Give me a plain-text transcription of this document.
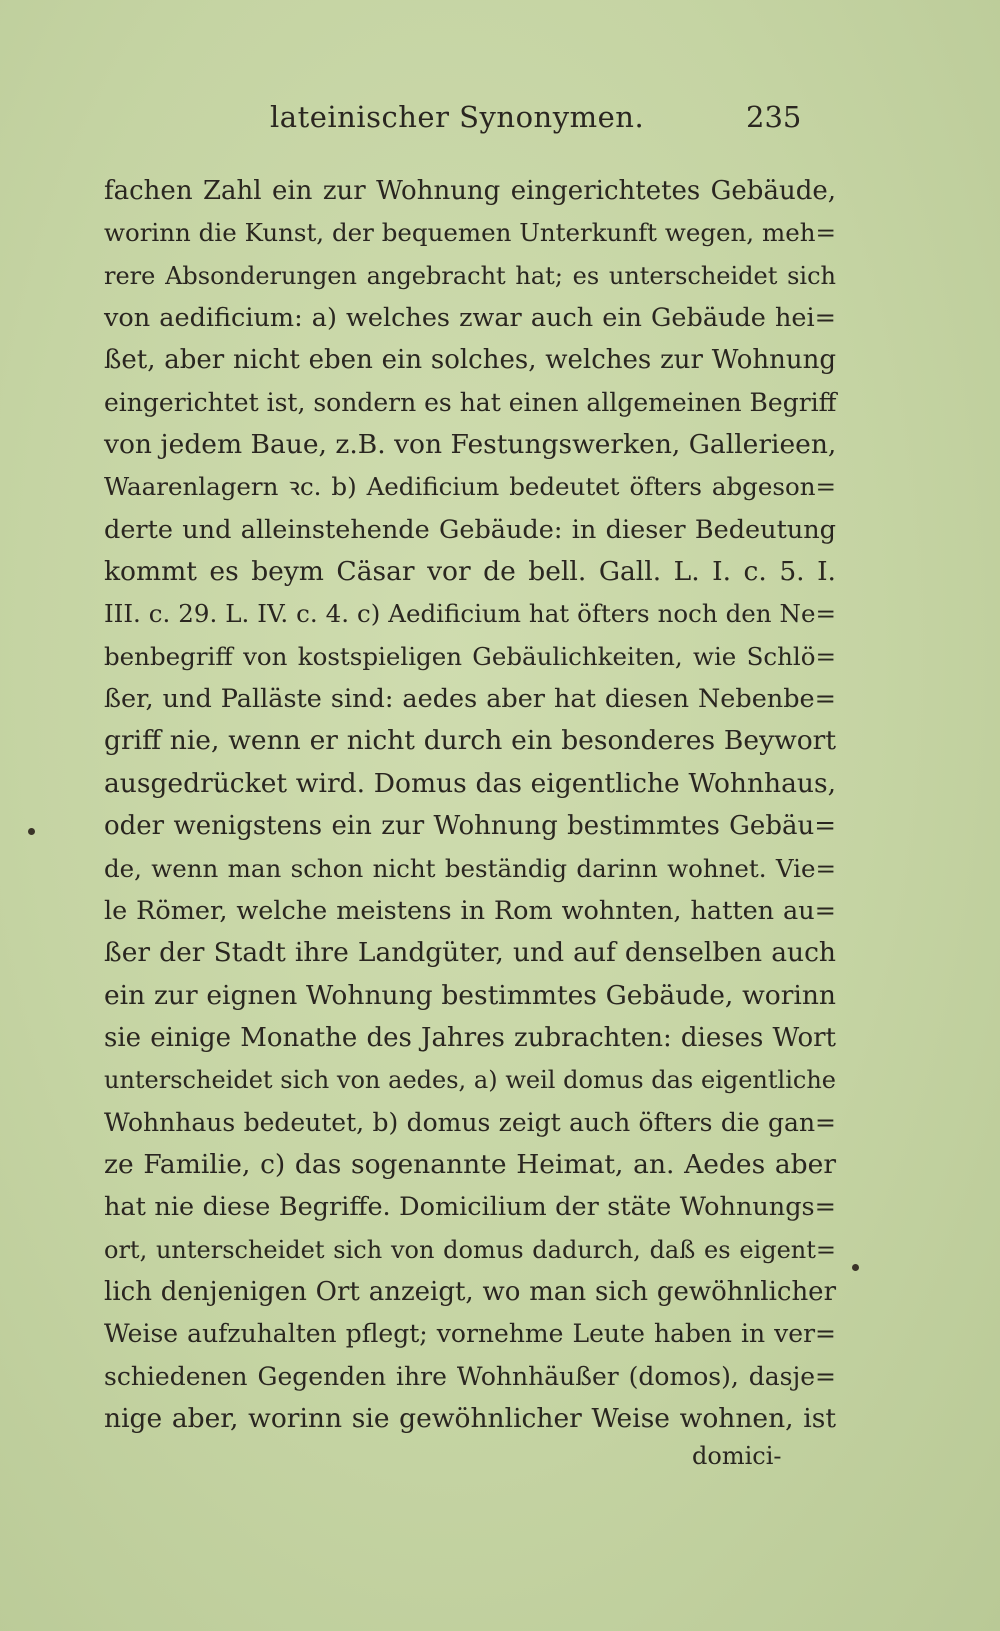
lateinischer Synonymen.	235
fachen Zahl ein zur Wohnung eingerichtetes Gebäude,
worinn die Kunst, der bequemen Unterkunft wegen, meh=
rere Absonderungen angebracht hat; es unterscheidet sich
von aedificium: a) welches zwar auch ein Gebäude hei=
ßet, aber nicht eben ein solches, welches zur Wohnung
eingerichtet ist, sondern es hat einen allgemeinen Begriff
von jedem Baue, z.B. von Festungswerken, Gallerieen,
Waarenlagern ꝛc. b) Aedificium bedeutet öfters abgeson=
derte und alleinstehende Gebäude: in dieser Bedeutung
kommt es beym Cäsar vor de bell. Gall. L. I. c. 5. I.
III. c. 29. L. IV. c. 4. c) Aedificium hat öfters noch den Ne=
benbegriff von kostspieligen Gebäulichkeiten, wie Schlö=
ßer, und Palläste sind: aedes aber hat diesen Nebenbe=
griff nie, wenn er nicht durch ein besonderes Beywort
ausgedrücket wird. Domus das eigentliche Wohnhaus,
oder wenigstens ein zur Wohnung bestimmtes Gebäu=
de, wenn man schon nicht beständig darinn wohnet. Vie=
le Römer, welche meistens in Rom wohnten, hatten au=
ßer der Stadt ihre Landgüter, und auf denselben auch
ein zur eignen Wohnung bestimmtes Gebäude, worinn
sie einige Monathe des Jahres zubrachten: dieses Wort
unterscheidet sich von aedes, a) weil domus das eigentliche
Wohnhaus bedeutet, b) domus zeigt auch öfters die gan=
ze Familie, c) das sogenannte Heimat, an. Aedes aber
hat nie diese Begriffe. Domicilium der stäte Wohnungs=
ort, unterscheidet sich von domus dadurch, daß es eigent=
lich denjenigen Ort anzeigt, wo man sich gewöhnlicher
Weise aufzuhalten pflegt; vornehme Leute haben in ver=
schiedenen Gegenden ihre Wohnhäußer (domos), dasje=
nige aber, worinn sie gewöhnlicher Weise wohnen, ist
domici-
